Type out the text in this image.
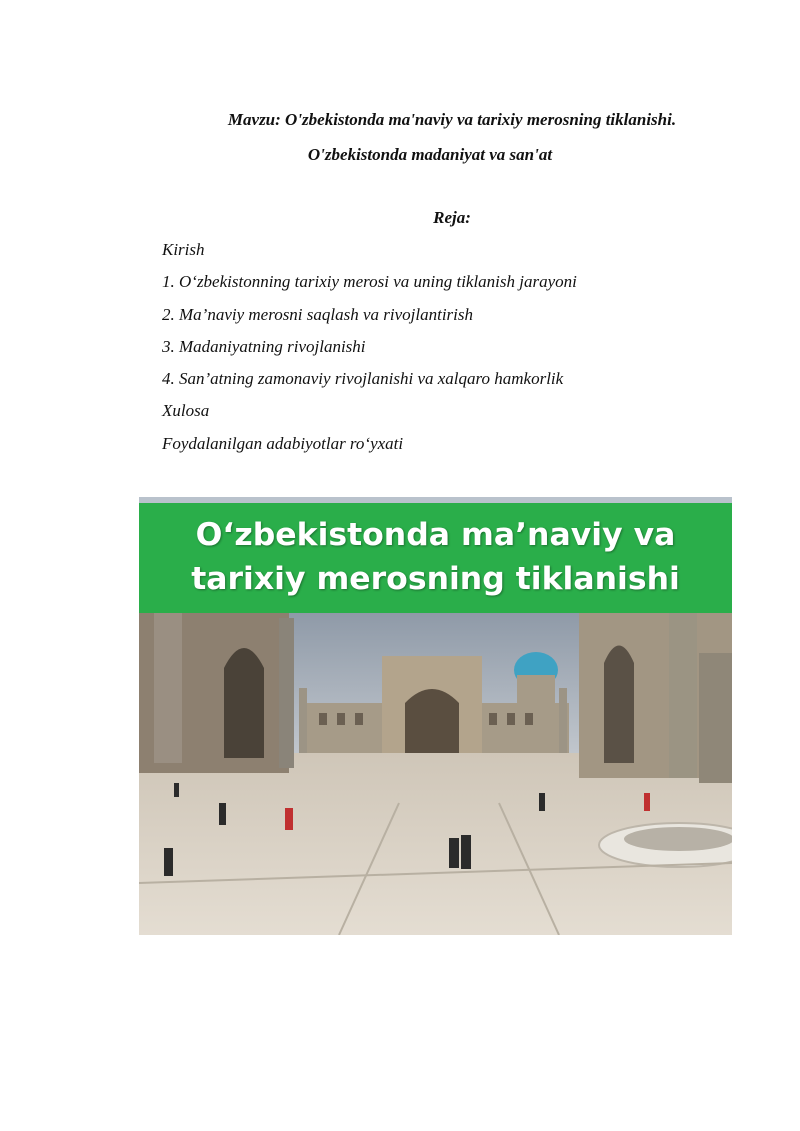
Mavzu: O'zbekistonda ma'naviy va tarixiy merosning tiklanishi.
O'zbekistonda madaniyat va san'at
Reja:
Kirish
1. O‘zbekistonning tarixiy merosi va uning tiklanish jarayoni
2. Ma’naviy merosni saqlash va rivojlantirish
3. Madaniyatning rivojlanishi
4. San’atning zamonaviy rivojlanishi va xalqaro hamkorlik
Xulosa
Foydalanilgan adabiyotlar ro‘yxati
O‘zbekistonda ma’naviy va
tarixiy merosning tiklanishi
